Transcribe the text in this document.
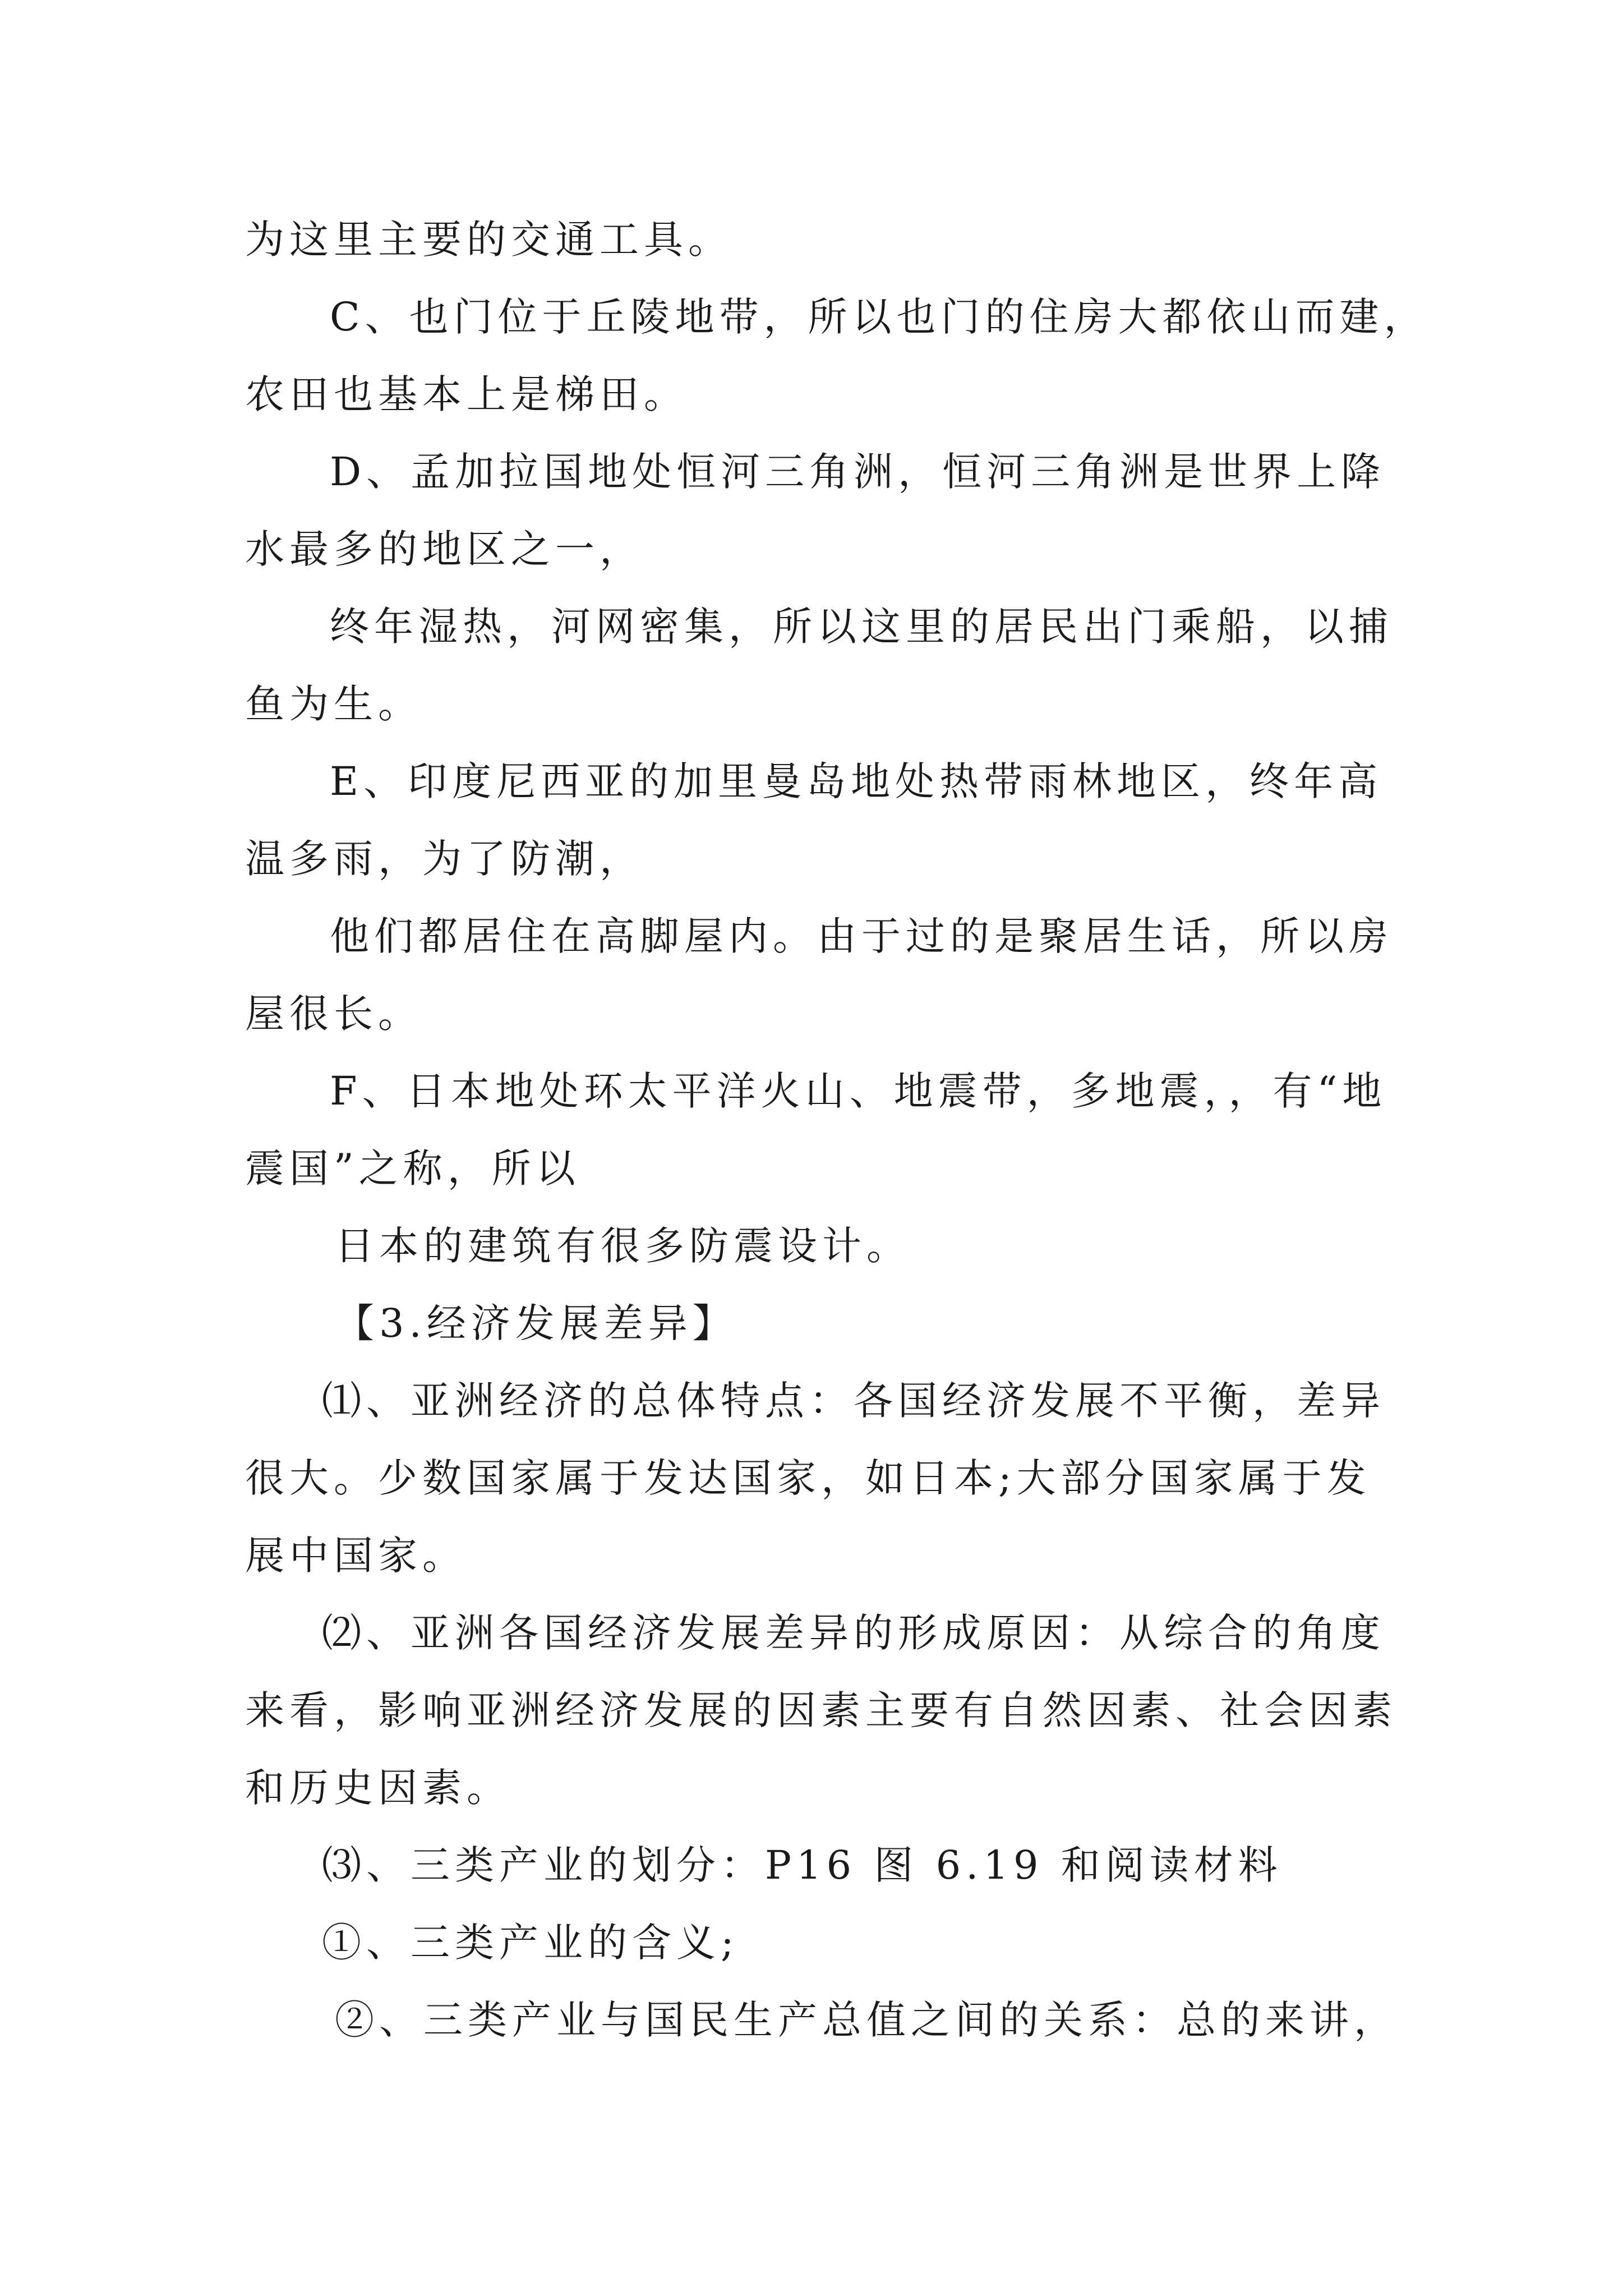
为这里主要的交通工具。
C、也门位于丘陵地带，所以也门的住房大都依山而建，
农田也基本上是梯田。
D、孟加拉国地处恒河三角洲，恒河三角洲是世界上降
水最多的地区之一，
终年湿热，河网密集，所以这里的居民出门乘船，以捕
鱼为生。
E、印度尼西亚的加里曼岛地处热带雨林地区，终年高
温多雨，为了防潮，
他们都居住在高脚屋内。由于过的是聚居生话，所以房
屋很长。
F、日本地处环太平洋火山、地震带，多地震，，有“地
震国”之称，所以
日本的建筑有很多防震设计。
【3.经济发展差异】
⑴、亚洲经济的总体特点：各国经济发展不平衡，差异
很大。少数国家属于发达国家，如日本;大部分国家属于发
展中国家。
⑵、亚洲各国经济发展差异的形成原因：从综合的角度
来看，影响亚洲经济发展的因素主要有自然因素、社会因素
和历史因素。
⑶、三类产业的划分：P16 图 6.19 和阅读材料
①、三类产业的含义;
②、三类产业与国民生产总值之间的关系：总的来讲，
